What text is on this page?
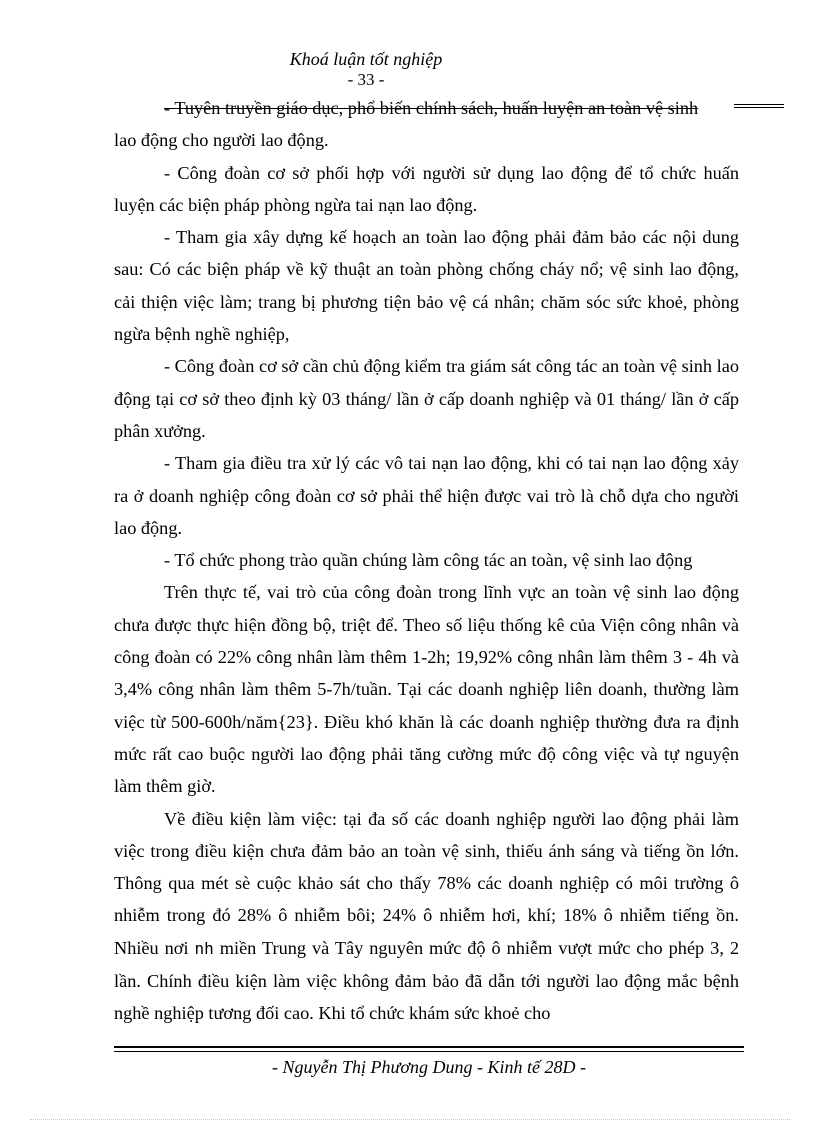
Khoá luận tốt nghiệp
- 33 -

- Tuyên truyền giáo dục, phổ biến chính sách, huấn luyện an toàn vệ sinh

lao động cho người lao động.

- Công đoàn cơ sở phối hợp với người sử dụng lao động để tổ chức huấn luyện các biện pháp phòng ngừa tai nạn lao động.

- Tham gia xây dựng kế hoạch an toàn lao động phải đảm bảo các nội dung sau: Có các biện pháp về kỹ thuật an toàn phòng chống cháy nổ; vệ sinh lao động, cải thiện việc làm; trang bị phương tiện bảo vệ cá nhân; chăm sóc sức khoẻ, phòng ngừa bệnh nghề nghiệp,

- Công đoàn cơ sở cần chủ động kiểm tra giám sát công tác an toàn vệ sinh lao động tại cơ sở theo định kỳ 03 tháng/ lần ở cấp doanh nghiệp và 01 tháng/ lần ở cấp phân xưởng.

- Tham gia điều tra xử lý các vô tai nạn lao động, khi có tai nạn lao động xảy ra ở doanh nghiệp công đoàn cơ sở phải thể hiện được vai trò là chỗ dựa cho người lao động.

- Tổ chức phong trào quần chúng làm công tác an toàn, vệ sinh lao động

Trên thực tế, vai trò của công đoàn trong lĩnh vực an toàn vệ sinh lao động chưa được thực hiện đồng bộ, triệt để. Theo số liệu thống kê của Viện công nhân và công đoàn có 22% công nhân làm thêm 1-2h; 19,92% công nhân làm thêm 3 - 4h và 3,4% công nhân làm thêm 5-7h/tuần. Tại các doanh nghiệp liên doanh, thường làm việc từ 500-600h/năm{23}. Điều khó khăn là các doanh nghiệp thường đưa ra định mức rất cao buộc người lao động phải tăng cường mức độ công việc và tự nguyện làm thêm giờ.

Về điều kiện làm việc: tại đa số các doanh nghiệp người lao động phải làm việc trong điều kiện chưa đảm bảo an toàn vệ sinh, thiếu ánh sáng và tiếng ồn lớn. Thông qua mét sè cuộc khảo sát cho thấy 78% các doanh nghiệp có môi trường ô nhiễm trong đó 28% ô nhiễm bôi; 24% ô nhiễm hơi, khí; 18% ô nhiễm tiếng ồn. Nhiều nơi nh miền Trung và Tây nguyên mức độ ô nhiễm vượt mức cho phép 3, 2 lần. Chính điều kiện làm việc không đảm bảo đã dẫn tới người lao động mắc bệnh nghề nghiệp tương đối cao. Khi tổ chức khám sức khoẻ cho

- Nguyễn Thị Phương Dung - Kinh tế 28D -
